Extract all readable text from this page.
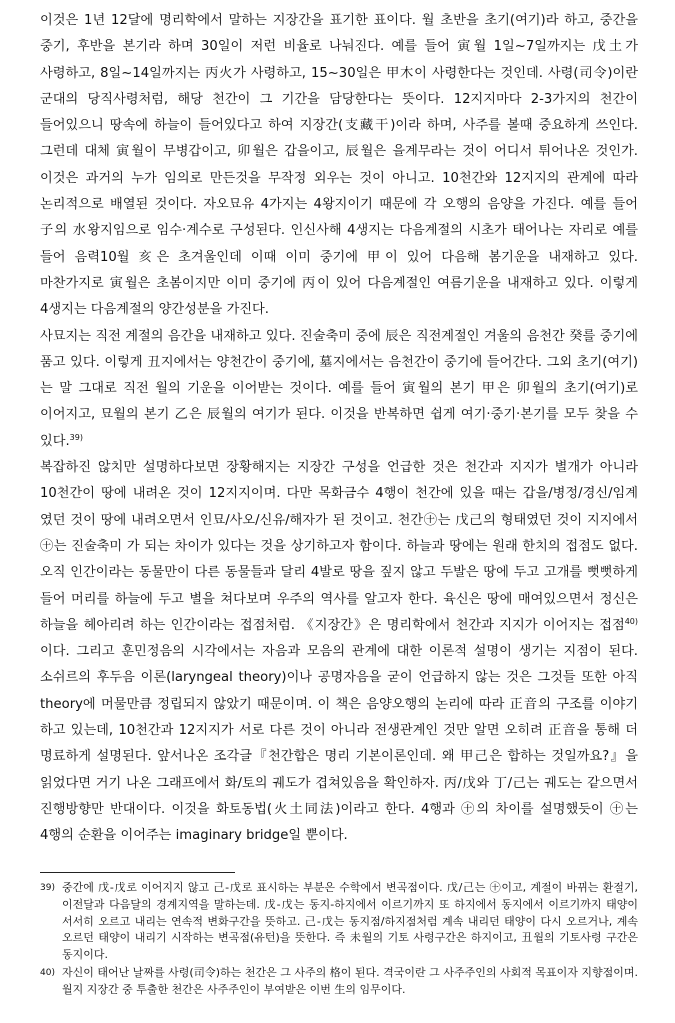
이것은 1년 12달에 명리학에서 말하는 지장간을 표기한 표이다. 월 초반을 초기(여기)라 하고, 중간을 중기, 후반을 본기라 하며 30일이 저런 비율로 나눠진다. 예를 들어 寅월 1일~7일까지는 戊土가 사령하고, 8일~14일까지는 丙火가 사령하고, 15~30일은 甲木이 사령한다는 것인데. 사령(司令)이란 군대의 당직사령처럼, 해당 천간이 그 기간을 담당한다는 뜻이다. 12지지마다 2-3가지의 천간이 들어있으니 땅속에 하늘이 들어있다고 하여 지장간(支藏干)이라 하며, 사주를 볼때 중요하게 쓰인다. 그런데 대체 寅월이 무병갑이고, 卯월은 갑을이고, 辰월은 을계무라는 것이 어디서 튀어나온 것인가. 이것은 과거의 누가 임의로 만든것을 무작정 외우는 것이 아니고. 10천간와 12지지의 관계에 따라 논리적으로 배열된 것이다. 자오묘유 4가지는 4왕지이기 때문에 각 오행의 음양을 가진다. 예를 들어 子의 水왕지임으로 임수·계수로 구성된다. 인신사해 4생지는 다음계절의 시초가 태어나는 자리로 예를 들어 음력10월 亥은 초겨울인데 이때 이미 중기에 甲이 있어 다음해 봄기운을 내재하고 있다. 마찬가지로 寅월은 초봄이지만 이미 중기에 丙이 있어 다음계절인 여름기운을 내재하고 있다. 이렇게 4생지는 다음계절의 양간성분을 가진다.

사묘지는 직전 계절의 음간을 내재하고 있다. 진술축미 중에 辰은 직전계절인 겨울의 음천간 癸를 중기에 품고 있다. 이렇게 丑지에서는 양천간이 중기에, 墓지에서는 음천간이 중기에 들어간다. 그외 초기(여기)는 말 그대로 직전 월의 기운을 이어받는 것이다. 예를 들어 寅월의 본기 甲은 卯월의 초기(여기)로 이어지고, 묘월의 본기 乙은 辰월의 여기가 된다. 이것을 반복하면 쉽게 여기·중기·본기를 모두 찾을 수 있다.$^{39)}$

복잡하진 않치만 설명하다보면 장황해지는 지장간 구성을 언급한 것은 천간과 지지가 별개가 아니라 10천간이 땅에 내려온 것이 12지지이며. 다만 목화금수 4행이 천간에 있을 때는 갑을/병정/경신/임계 였던 것이 땅에 내려오면서 인묘/사오/신유/해자가 된 것이고. 천간㊉는 戊己의 형태였던 것이 지지에서 ㊉는 진술축미 가 되는 차이가 있다는 것을 상기하고자 함이다. 하늘과 땅에는 원래 한치의 접점도 없다. 오직 인간이라는 동물만이 다른 동물들과 달리 4발로 땅을 짚지 않고 두발은 땅에 두고 고개를 뻣뻣하게 들어 머리를 하늘에 두고 별을 쳐다보며 우주의 역사를 알고자 한다. 육신은 땅에 매여있으면서 정신은 하늘을 헤아리려 하는 인간이라는 접점처럼. 《지장간》은 명리학에서 천간과 지지가 이어지는 접점$^{40)}$이다. 그리고 훈민정음의 시각에서는 자음과 모음의 관계에 대한 이론적 설명이 생기는 지점이 된다. 소쉬르의 후두음 이론(laryngeal theory)이나 공명자음을 굳이 언급하지 않는 것은 그것들 또한 아직 theory에 머물만큼 정립되지 않았기 때문이며. 이 책은 음양오행의 논리에 따라 正音의 구조를 이야기 하고 있는데, 10천간과 12지지가 서로 다른 것이 아니라 전생관계인 것만 알면 오히려 正音을 통해 더 명료하게 설명된다. 앞서나온 조각글『천간합은 명리 기본이론인데. 왜 甲己은 합하는 것일까요?』을 읽었다면 거기 나온 그래프에서 화/토의 궤도가 겹쳐있음을 확인하자. 丙/戊와 丁/己는 궤도는 같으면서 진행방향만 반대이다. 이것을 화토동법(火土同法)이라고 한다. 4행과 ㊉의 차이를 설명했듯이 ㊉는 4행의 순환을 이어주는 imaginary bridge일 뿐이다.

39) 중간에 戊-戊로 이어지지 않고 己-戊로 표시하는 부분은 수학에서 변곡점이다. 戊/己는 ㊉이고, 계절이 바뀌는 환절기, 이전달과 다음달의 경계지역을 말하는데. 戊-戊는 동지-하지에서 이르기까지 또 하지에서 동지에서 이르기까지 태양이 서서히 오르고 내리는 연속적 변화구간을 뜻하고. 己-戊는 동지점/하지점처럼 계속 내리던 태양이 다시 오르거나, 계속 오르던 태양이 내리기 시작하는 변곡점(유턴)을 뜻한다. 즉 未월의 기토 사령구간은 하지이고, 丑월의 기토사령 구간은 동지이다.
40) 자신이 태어난 날짜를 사령(司令)하는 천간은 그 사주의 格이 된다. 격국이란 그 사주주인의 사회적 목표이자 지향점이며. 월지 지장간 중 투출한 천간은 사주주인이 부여받은 이번 生의 임무이다.
